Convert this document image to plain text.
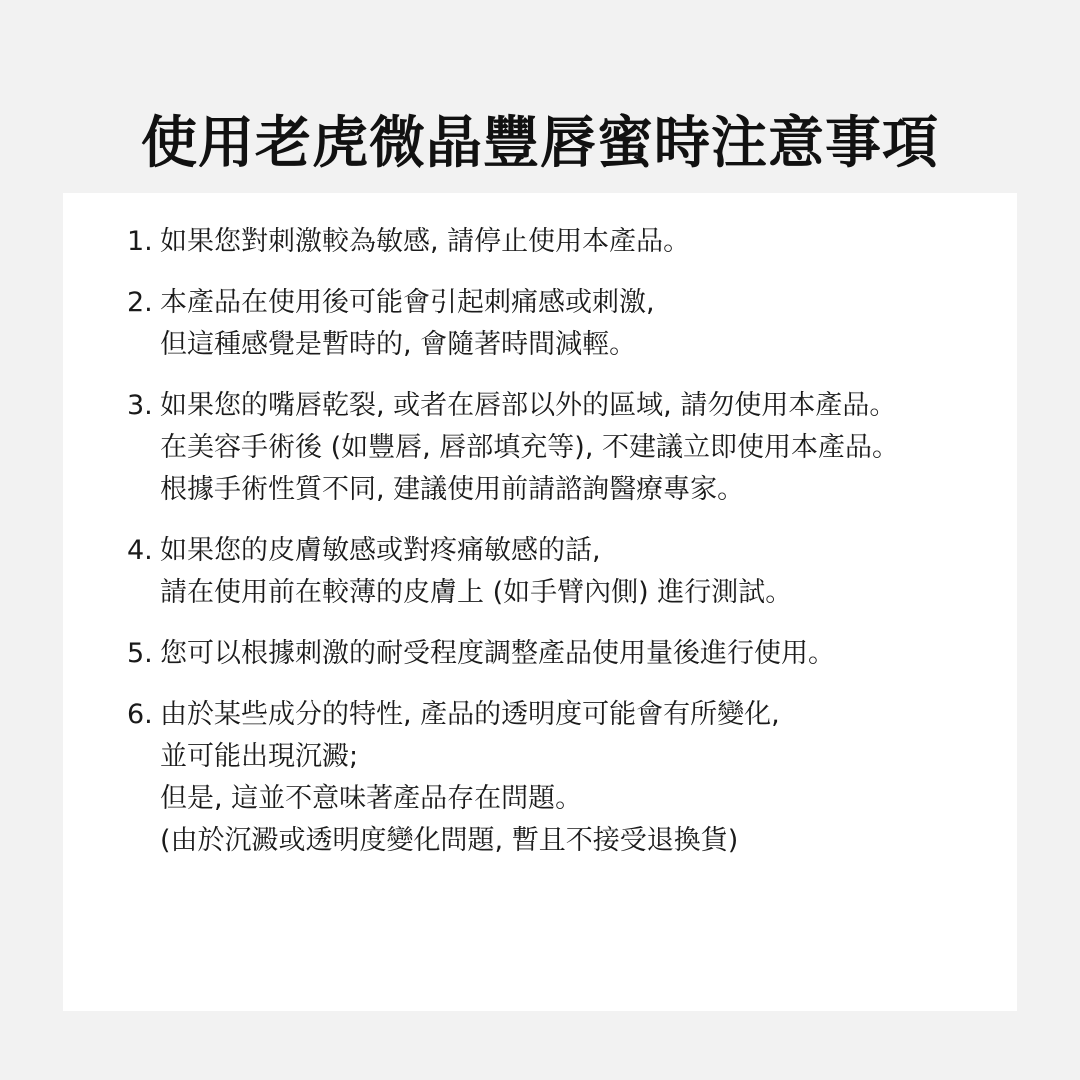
使用老虎微晶豐唇蜜時注意事項
1. 如果您對刺激較為敏感, 請停止使用本產品。
2. 本產品在使用後可能會引起刺痛感或刺激,
但這種感覺是暫時的, 會隨著時間減輕。
3. 如果您的嘴唇乾裂, 或者在唇部以外的區域, 請勿使用本產品。
在美容手術後 (如豐唇, 唇部填充等), 不建議立即使用本產品。
根據手術性質不同, 建議使用前請諮詢醫療專家。
4. 如果您的皮膚敏感或對疼痛敏感的話,
請在使用前在較薄的皮膚上 (如手臂內側) 進行測試。
5. 您可以根據刺激的耐受程度調整產品使用量後進行使用。
6. 由於某些成分的特性, 產品的透明度可能會有所變化,
並可能出現沉澱;
但是, 這並不意味著產品存在問題。
(由於沉澱或透明度變化問題, 暫且不接受退換貨)
